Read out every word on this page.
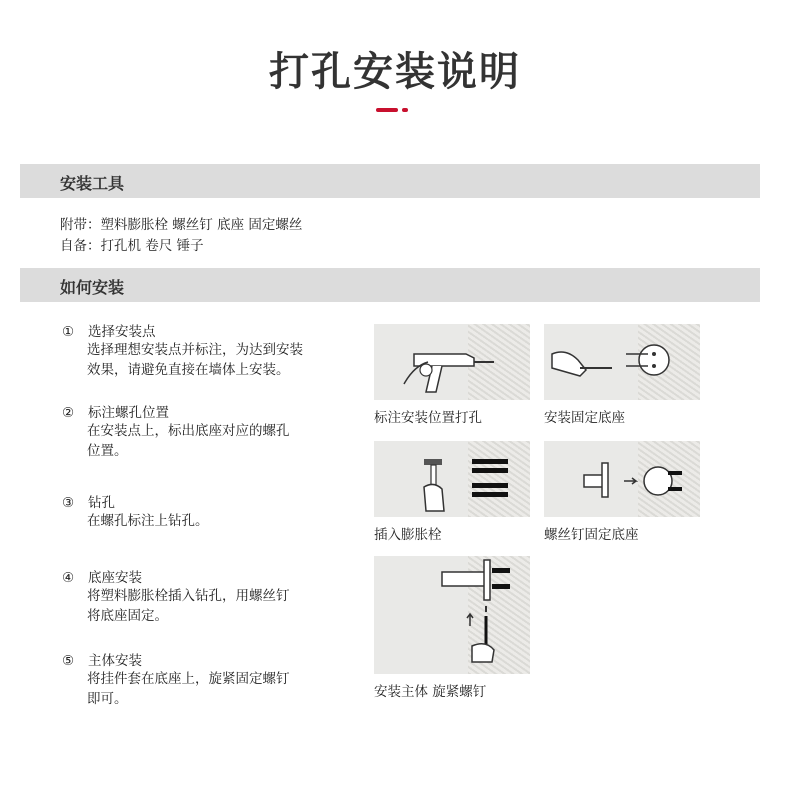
打孔安装说明
安装工具
附带：塑料膨胀栓 螺丝钉 底座 固定螺丝
自备：打孔机 卷尺 锤子
如何安装
① 选择安装点
选择理想安装点并标注，为达到安装
效果，请避免直接在墙体上安装。
② 标注螺孔位置
在安装点上，标出底座对应的螺孔
位置。
③ 钻孔
在螺孔标注上钻孔。
④ 底座安装
将塑料膨胀栓插入钻孔，用螺丝钉
将底座固定。
⑤ 主体安装
将挂件套在底座上，旋紧固定螺钉
即可。
标注安装位置打孔	安装固定底座
插入膨胀栓	螺丝钉固定底座
安装主体 旋紧螺钉
